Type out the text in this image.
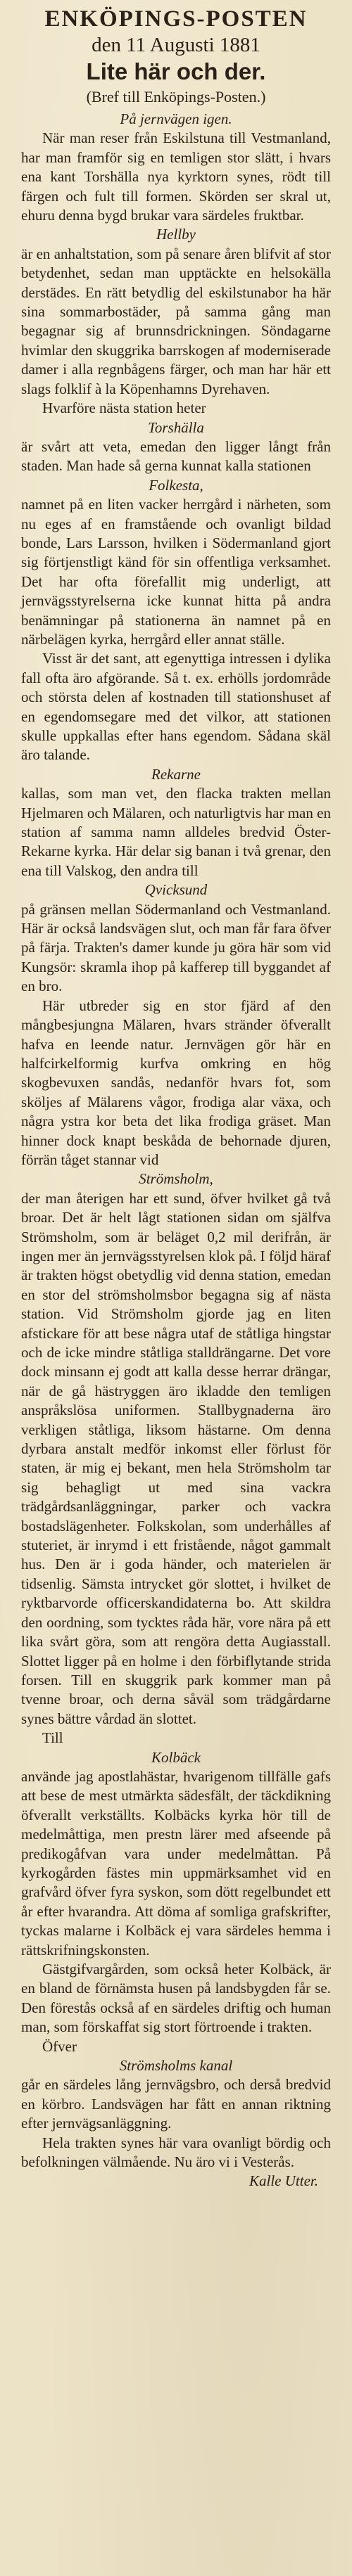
ENKÖPINGS-POSTEN
den 11 Augusti 1881
Lite här och der.
(Bref till Enköpings-Posten.)
På jernvägen igen.

När man reser från Eskilstuna till Vestmanland, har man framför sig en temligen stor slätt, i hvars ena kant Torshälla nya kyrktorn synes, rödt till färgen och fult till formen. Skörden ser skral ut, ehuru denna bygd brukar vara särdeles fruktbar.

Hellby

är en anhaltstation, som på senare åren blifvit af stor betydenhet, sedan man upptäckte en helsokälla derstädes. En rätt betydlig del eskilstunabor ha här sina sommarbostäder, på samma gång man begagnar sig af brunnsdrickningen. Söndagarne hvimlar den skuggrika barrskogen af moderniserade damer i alla regnbågens färger, och man har här ett slags folklif à la Köpenhamns Dyrehaven.

Hvarföre nästa station heter

Torshälla

är svårt att veta, emedan den ligger långt från staden. Man hade så gerna kunnat kalla stationen

Folkesta,

namnet på en liten vacker herrgård i närheten, som nu eges af en framstående och ovanligt bildad bonde, Lars Larsson, hvilken i Södermanland gjort sig förtjenstligt känd för sin offentliga verksamhet. Det har ofta förefallit mig underligt, att jernvägsstyrelserna icke kunnat hitta på andra benämningar på stationerna än namnet på en närbelägen kyrka, herrgård eller annat ställe.

Visst är det sant, att egenyttiga intressen i dylika fall ofta äro afgörande. Så t. ex. erhölls jordområde och största delen af kostnaden till stationshuset af en egendomsegare med det vilkor, att stationen skulle uppkallas efter hans egendom. Sådana skäl äro talande.

Rekarne

kallas, som man vet, den flacka trakten mellan Hjelmaren och Mälaren, och naturligtvis har man en station af samma namn alldeles bredvid Öster-Rekarne kyrka. Här delar sig banan i två grenar, den ena till Valskog, den andra till

Qvicksund

på gränsen mellan Södermanland och Vestmanland. Här är också landsvägen slut, och man får fara öfver på färja. Trakten's damer kunde ju göra här som vid Kungsör: skramla ihop på kafferep till byggandet af en bro.

Här utbreder sig en stor fjärd af den mångbesjungna Mälaren, hvars stränder öfverallt hafva en leende natur. Jernvägen gör här en halfcirkelformig kurfva omkring en hög skogbevuxen sandås, nedanför hvars fot, som sköljes af Mälarens vågor, frodiga alar växa, och några ystra kor beta det lika frodiga gräset. Man hinner dock knapt beskåda de behornade djuren, förrän tåget stannar vid

Strömsholm,

der man återigen har ett sund, öfver hvilket gå två broar. Det är helt lågt stationen sidan om själfva Strömsholm, som är beläget 0,2 mil derifrån, är ingen mer än jernvägsstyrelsen klok på. I följd häraf är trakten högst obetydlig vid denna station, emedan en stor del strömsholmsbor begagna sig af nästa station. Vid Strömsholm gjorde jag en liten afstickare för att bese några utaf de ståtliga hingstar och de icke mindre ståtliga stalldrängarne. Det vore dock minsann ej godt att kalla desse herrar drängar, när de gå hästryggen äro ikladde den temligen anspråkslösa uniformen. Stallbygnaderna äro verkligen ståtliga, liksom hästarne. Om denna dyrbara anstalt medför inkomst eller förlust för staten, är mig ej bekant, men hela Strömsholm tar sig behagligt ut med sina vackra trädgårdsanläggningar, parker och vackra bostadslägenheter. Folkskolan, som underhålles af stuteriet, är inrymd i ett fristående, något gammalt hus. Den är i goda händer, och materielen är tidsenlig. Sämsta intrycket gör slottet, i hvilket de ryktbarvorde officerskandidaterna bo. Att skildra den oordning, som tycktes råda här, vore nära på ett lika svårt göra, som att rengöra detta Augiasstall. Slottet ligger på en holme i den förbiflytande strida forsen. Till en skuggrik park kommer man på tvenne broar, och derna såväl som trädgårdarne synes bättre vårdad än slottet.

Till

Kolbäck

använde jag apostlahästar, hvarigenom tillfälle gafs att bese de mest utmärkta sädesfält, der täckdikning öfverallt verkställts. Kolbäcks kyrka hör till de medelmåttiga, men prestn lärer med afseende på predikogåfvan vara under medelmåttan. På kyrkogården fästes min uppmärksamhet vid en grafvård öfver fyra syskon, som dött regelbundet ett år efter hvarandra. Att döma af somliga grafskrifter, tyckas malarne i Kolbäck ej vara särdeles hemma i rättskrifningskonsten.

Gästgifvargården, som också heter Kolbäck, är en bland de förnämsta husen på landsbygden får se. Den förestås också af en särdeles driftig och human man, som förskaffat sig stort förtroende i trakten.

Öfver

Strömsholms kanal

går en särdeles lång jernvägsbro, och derså bredvid en körbro. Landsvägen har fått en annan riktning efter jernvägsanläggning.

Hela trakten synes här vara ovanligt bördig och befolkningen välmående. Nu äro vi i Vesterås.

Kalle Utter.
